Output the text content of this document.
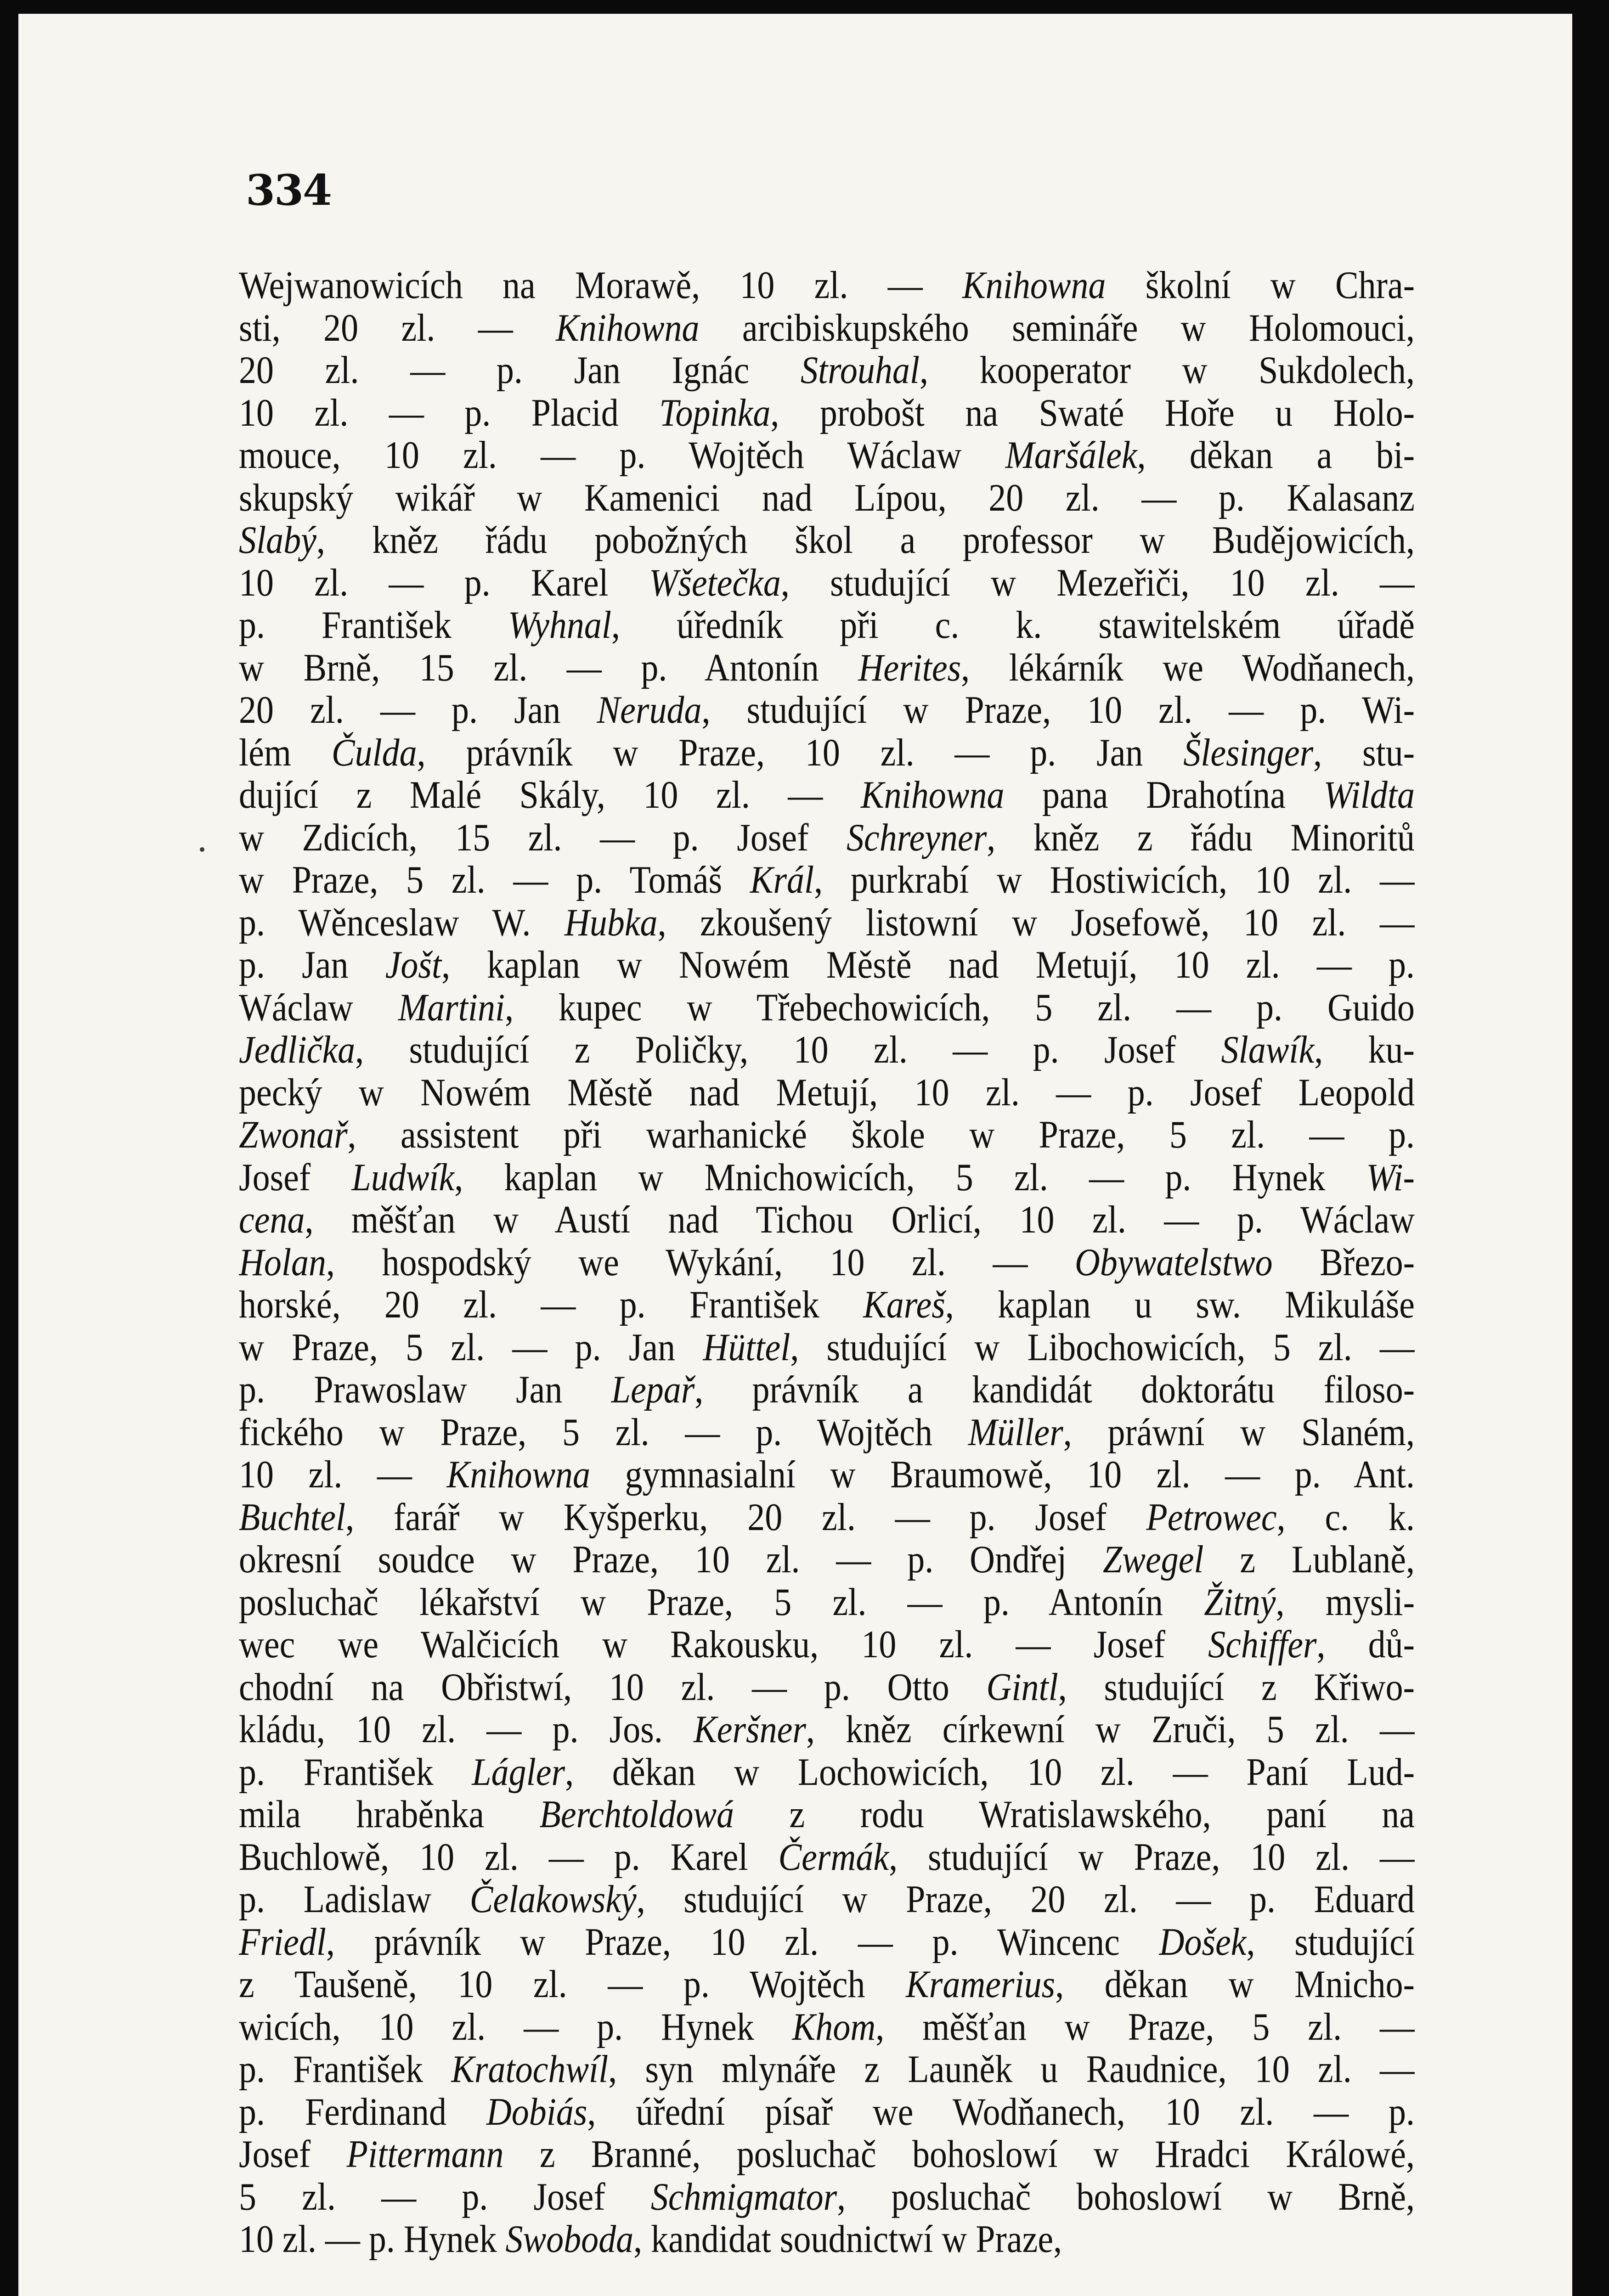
334
Wejwanowicích na Morawě, 10 zl. — Knihowna školní w Chra-
sti, 20 zl. — Knihowna arcibiskupského semináře w Holomouci,
20 zl. — p. Jan Ignác Strouhal, kooperator w Sukdolech,
10 zl. — p. Placid Topinka, probošt na Swaté Hoře u Holo-
mouce, 10 zl. — p. Wojtěch Wáclaw Maršálek, děkan a bi-
skupský wikář w Kamenici nad Lípou, 20 zl. — p. Kalasanz
Slabý, kněz řádu pobožných škol a professor w Budějowicích,
10 zl. — p. Karel Wšetečka, studující w Mezeřiči, 10 zl. —
p. František Wyhnal, úředník při c. k. stawitelském úřadě
w Brně, 15 zl. — p. Antonín Herites, lékárník we Wodňanech,
20 zl. — p. Jan Neruda, studující w Praze, 10 zl. — p. Wi-
lém Čulda, právník w Praze, 10 zl. — p. Jan Šlesinger, stu-
dující z Malé Skály, 10 zl. — Knihowna pana Drahotína Wildta
w Zdicích, 15 zl. — p. Josef Schreyner, kněz z řádu Minoritů
w Praze, 5 zl. — p. Tomáš Král, purkrabí w Hostiwicích, 10 zl. —
p. Wěnceslaw W. Hubka, zkoušený listowní w Josefowě, 10 zl. —
p. Jan Jošt, kaplan w Nowém Městě nad Metují, 10 zl. — p.
Wáclaw Martini, kupec w Třebechowicích, 5 zl. — p. Guido
Jedlička, studující z Poličky, 10 zl. — p. Josef Slawík, ku-
pecký w Nowém Městě nad Metují, 10 zl. — p. Josef Leopold
Zwonař, assistent při warhanické škole w Praze, 5 zl. — p.
Josef Ludwík, kaplan w Mnichowicích, 5 zl. — p. Hynek Wi-
cena, měšťan w Austí nad Tichou Orlicí, 10 zl. — p. Wáclaw
Holan, hospodský we Wykání, 10 zl. — Obywatelstwo Březo-
horské, 20 zl. — p. František Kareš, kaplan u sw. Mikuláše
w Praze, 5 zl. — p. Jan Hüttel, studující w Libochowicích, 5 zl. —
p. Prawoslaw Jan Lepař, právník a kandidát doktorátu filoso-
fického w Praze, 5 zl. — p. Wojtěch Müller, práwní w Slaném,
10 zl. — Knihowna gymnasialní w Braumowě, 10 zl. — p. Ant.
Buchtel, farář w Kyšperku, 20 zl. — p. Josef Petrowec, c. k.
okresní soudce w Praze, 10 zl. — p. Ondřej Zwegel z Lublaně,
posluchač lékařství w Praze, 5 zl. — p. Antonín Žitný, mysli-
wec we Walčicích w Rakousku, 10 zl. — Josef Schiffer, dů-
chodní na Obřistwí, 10 zl. — p. Otto Gintl, studující z Křiwo-
kládu, 10 zl. — p. Jos. Keršner, kněz církewní w Zruči, 5 zl. —
p. František Lágler, děkan w Lochowicích, 10 zl. — Paní Lud-
mila hraběnka Berchtoldowá z rodu Wratislawského, paní na
Buchlowě, 10 zl. — p. Karel Čermák, studující w Praze, 10 zl. —
p. Ladislaw Čelakowský, studující w Praze, 20 zl. — p. Eduard
Friedl, právník w Praze, 10 zl. — p. Wincenc Došek, studující
z Taušeně, 10 zl. — p. Wojtěch Kramerius, děkan w Mnicho-
wicích, 10 zl. — p. Hynek Khom, měšťan w Praze, 5 zl. —
p. František Kratochwíl, syn mlynáře z Launěk u Raudnice, 10 zl. —
p. Ferdinand Dobiás, úřední písař we Wodňanech, 10 zl. — p.
Josef Pittermann z Branné, posluchač bohoslowí w Hradci Králowé,
5 zl. — p. Josef Schmigmator, posluchač bohoslowí w Brně,
10 zl. — p. Hynek Swoboda, kandidat soudnictwí w Praze,
